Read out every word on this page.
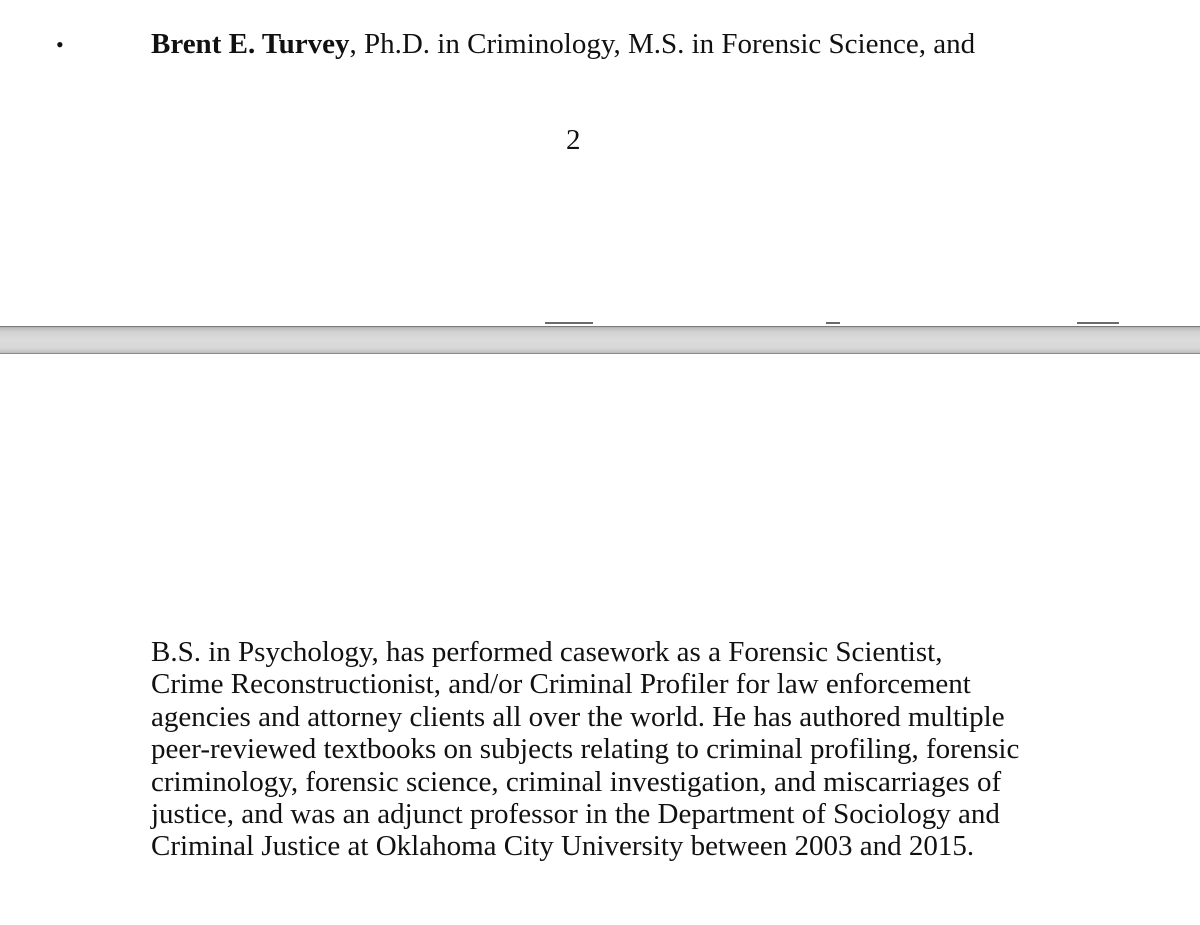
•	Brent E. Turvey, Ph.D. in Criminology, M.S. in Forensic Science, and
2
B.S. in Psychology, has performed casework as a Forensic Scientist,
Crime Reconstructionist, and/or Criminal Profiler for law enforcement
agencies and attorney clients all over the world. He has authored multiple
peer-reviewed textbooks on subjects relating to criminal profiling, forensic
criminology, forensic science, criminal investigation, and miscarriages of
justice, and was an adjunct professor in the Department of Sociology and
Criminal Justice at Oklahoma City University between 2003 and 2015.
